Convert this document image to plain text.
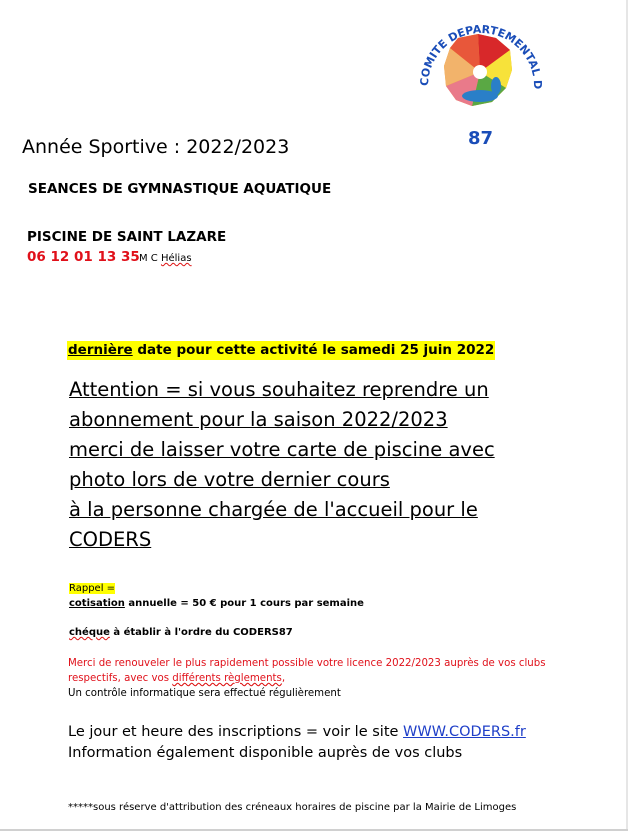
COMITE DEPARTEMENTAL D
87
Année Sportive : 2022/2023
SEANCES DE GYMNASTIQUE AQUATIQUE
PISCINE DE SAINT LAZARE
06 12 01 13 35 M C Hélias
dernière date pour cette activité le samedi 25 juin 2022
Attention = si vous souhaitez reprendre un
abonnement pour la saison 2022/2023
merci de laisser votre carte de piscine avec
photo lors de votre dernier cours
à la personne chargée de l'accueil pour le
CODERS
Rappel =
cotisation annuelle = 50 € pour 1 cours par semaine
chéque à établir à l'ordre du CODERS87
Merci de renouveler le plus rapidement possible votre licence 2022/2023 auprès de vos clubs
respectifs, avec vos différents règlements,
Un contrôle informatique sera effectué régulièrement
Le jour et heure des inscriptions = voir le site WWW.CODERS.fr
Information également disponible auprès de vos clubs
*****sous réserve d'attribution des créneaux horaires de piscine par la Mairie de Limoges
